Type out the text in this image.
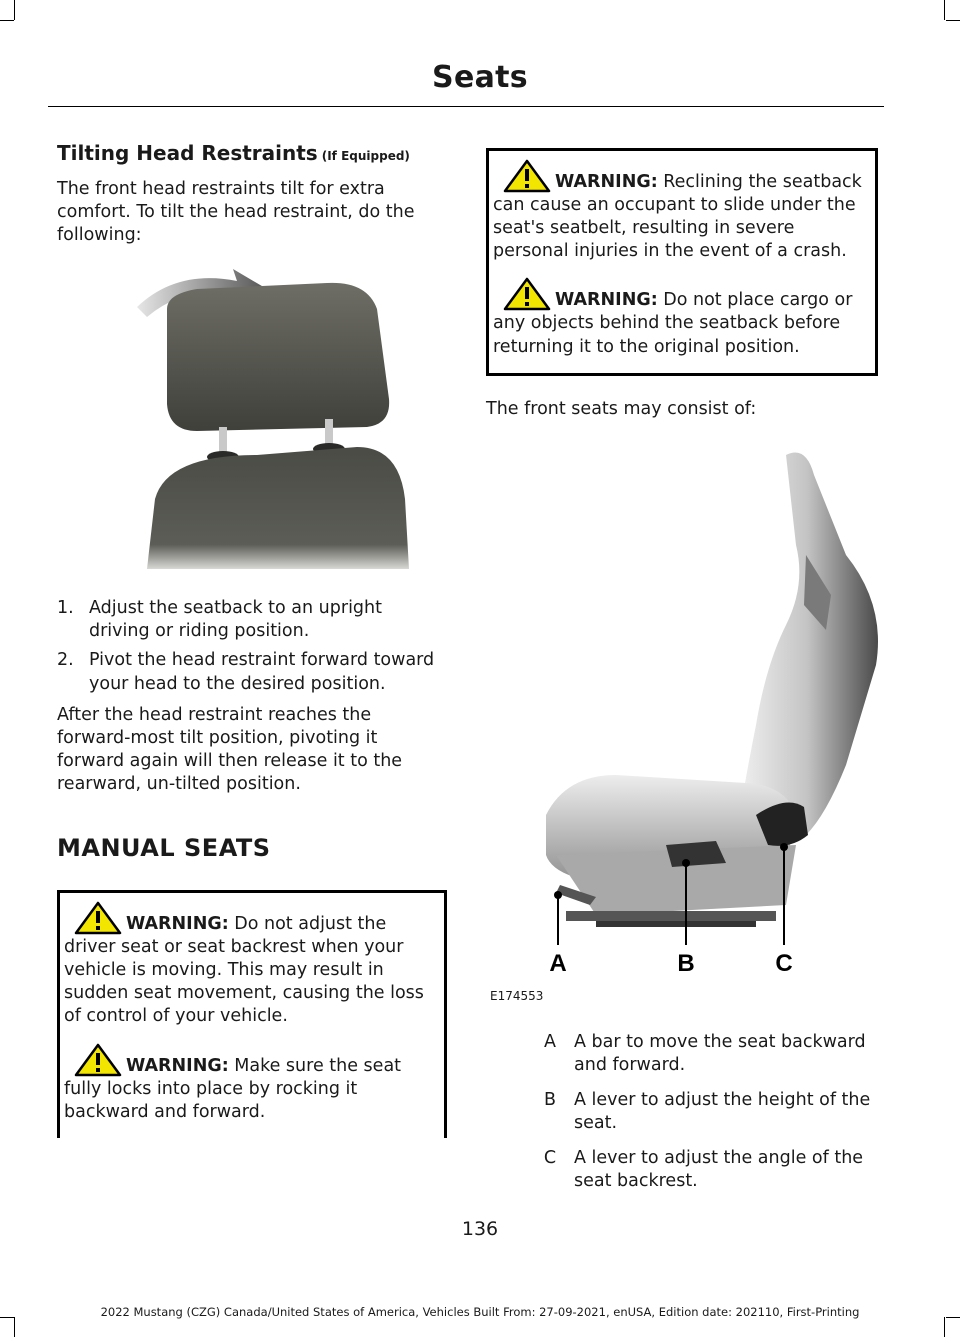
Seats
Tilting Head Restraints (If Equipped)

The front head restraints tilt for extra comfort. To tilt the head restraint, do the following:

1. Adjust the seatback to an upright driving or riding position.
2. Pivot the head restraint forward toward your head to the desired position.

After the head restraint reaches the forward-most tilt position, pivoting it forward again will then release it to the rearward, un-tilted position.

MANUAL SEATS
WARNING: Do not adjust the driver seat or seat backrest when your vehicle is moving. This may result in sudden seat movement, causing the loss of control of your vehicle.
WARNING: Make sure the seat fully locks into place by rocking it backward and forward.
WARNING: Reclining the seatback can cause an occupant to slide under the seat's seatbelt, resulting in severe personal injuries in the event of a crash.
WARNING: Do not place cargo or any objects behind the seatback before returning it to the original position.

The front seats may consist of:

A	B	C
E174553
A	A bar to move the seat backward and forward.
B	A lever to adjust the height of the seat.
C	A lever to adjust the angle of the seat backrest.
136
2022 Mustang (CZG) Canada/United States of America, Vehicles Built From: 27-09-2021, enUSA, Edition date: 202110, First-Printing
